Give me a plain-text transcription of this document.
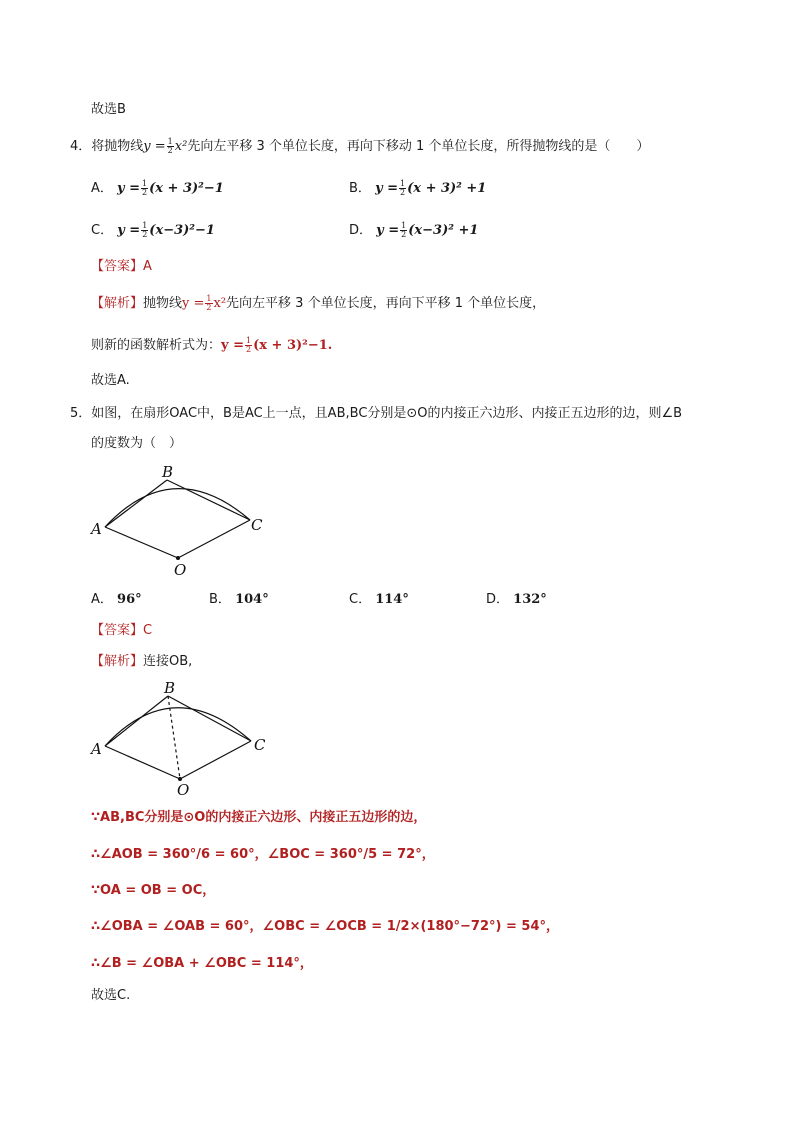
故选B
4．将抛物线$y = \frac{1}{2} x^2$先向左平移 3 个单位长度，再向下移动 1 个单位长度，所得抛物线的是（　　）
A． $y = \frac{1}{2} (x + 3)^2-1$	B． $y = \frac{1}{2} (x + 3)^2 +1$
C． $y = \frac{1}{2} (x-3)^2-1$	D． $y = \frac{1}{2} (x-3)^2 +1$
【答案】A
【解析】抛物线$y = \frac{1}{2} x^2$先向左平移 3 个单位长度，再向下平移 1 个单位长度，
则新的函数解析式为：$y = \frac{1}{2} (x + 3)^2-1$.
故选A.
5．如图，在扇形OAC中，B是AC上一点，且AB,BC分别是⊙O的内接正六边形、内接正五边形的边，则∠B
的度数为（　）
A
B
C
O
A． 96°	B． 104°	C． 114°	D． 132°
【答案】C
【解析】连接OB,
A
B
C
O
∵AB,BC分别是⊙O的内接正六边形、内接正五边形的边，
∴∠AOB = 360°/6 = 60°，∠BOC = 360°/5 = 72°，
∵OA = OB = OC，
∴∠OBA = ∠OAB = 60°，∠OBC = ∠OCB = 1/2×(180°−72°) = 54°，
∴∠B = ∠OBA + ∠OBC = 114°，
故选C.
